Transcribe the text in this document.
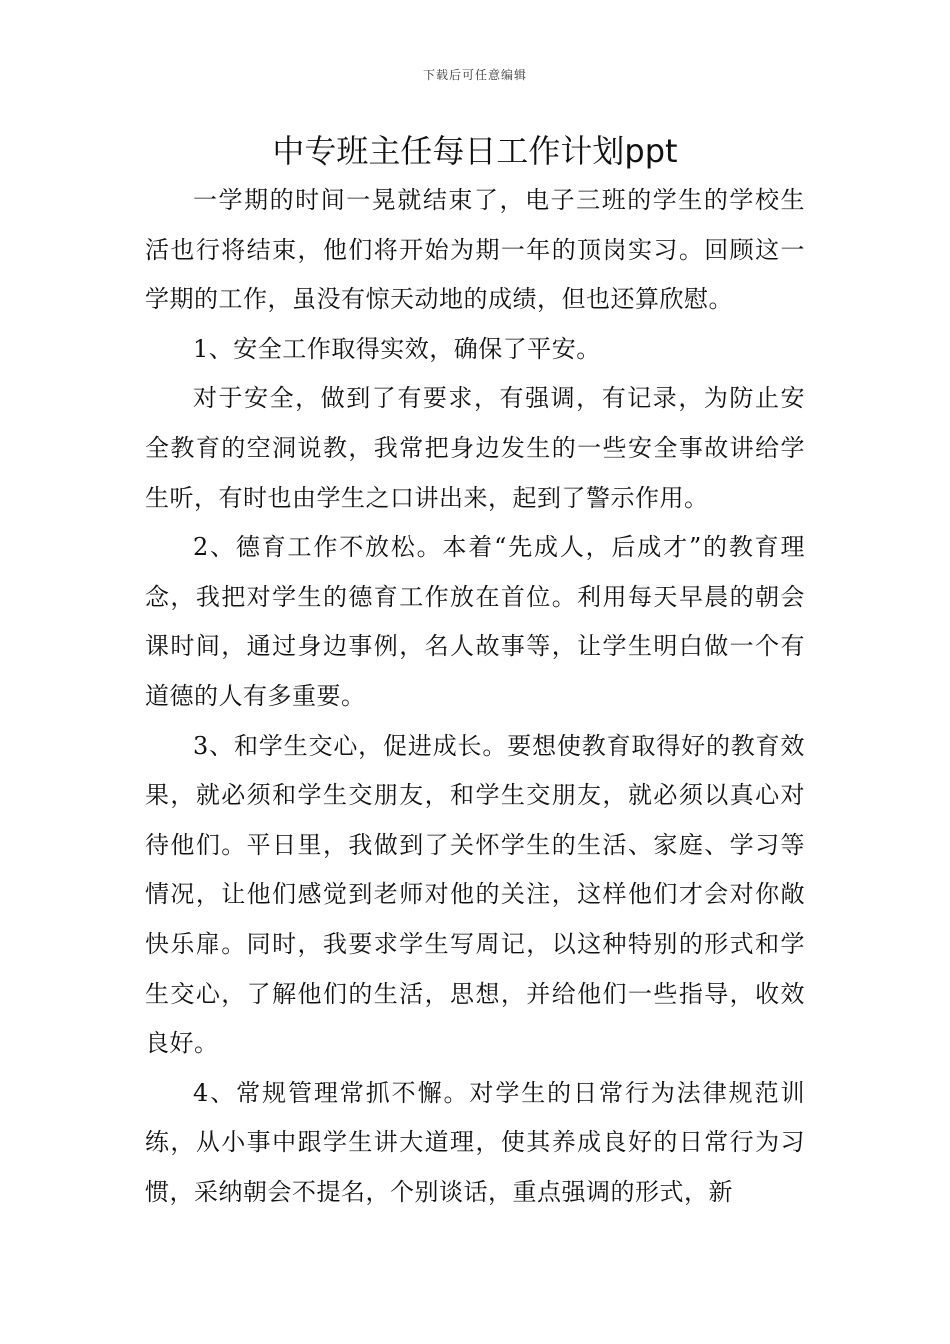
下载后可任意编辑
中专班主任每日工作计划ppt

一学期的时间一晃就结束了，电子三班的学生的学校生活也行将结束，他们将开始为期一年的顶岗实习。回顾这一学期的工作，虽没有惊天动地的成绩，但也还算欣慰。

1、安全工作取得实效，确保了平安。

对于安全，做到了有要求，有强调，有记录，为防止安全教育的空洞说教，我常把身边发生的一些安全事故讲给学生听，有时也由学生之口讲出来，起到了警示作用。

2、德育工作不放松。本着“先成人，后成才”的教育理念，我把对学生的德育工作放在首位。利用每天早晨的朝会课时间，通过身边事例，名人故事等，让学生明白做一个有道德的人有多重要。

3、和学生交心，促进成长。要想使教育取得好的教育效果，就必须和学生交朋友，和学生交朋友，就必须以真心对待他们。平日里，我做到了关怀学生的生活、家庭、学习等情况，让他们感觉到老师对他的关注，这样他们才会对你敞快乐扉。同时，我要求学生写周记，以这种特别的形式和学生交心，了解他们的生活，思想，并给他们一些指导，收效良好。

4、常规管理常抓不懈。对学生的日常行为法律规范训练，从小事中跟学生讲大道理，使其养成良好的日常行为习惯，采纳朝会不提名，个别谈话，重点强调的形式，新
